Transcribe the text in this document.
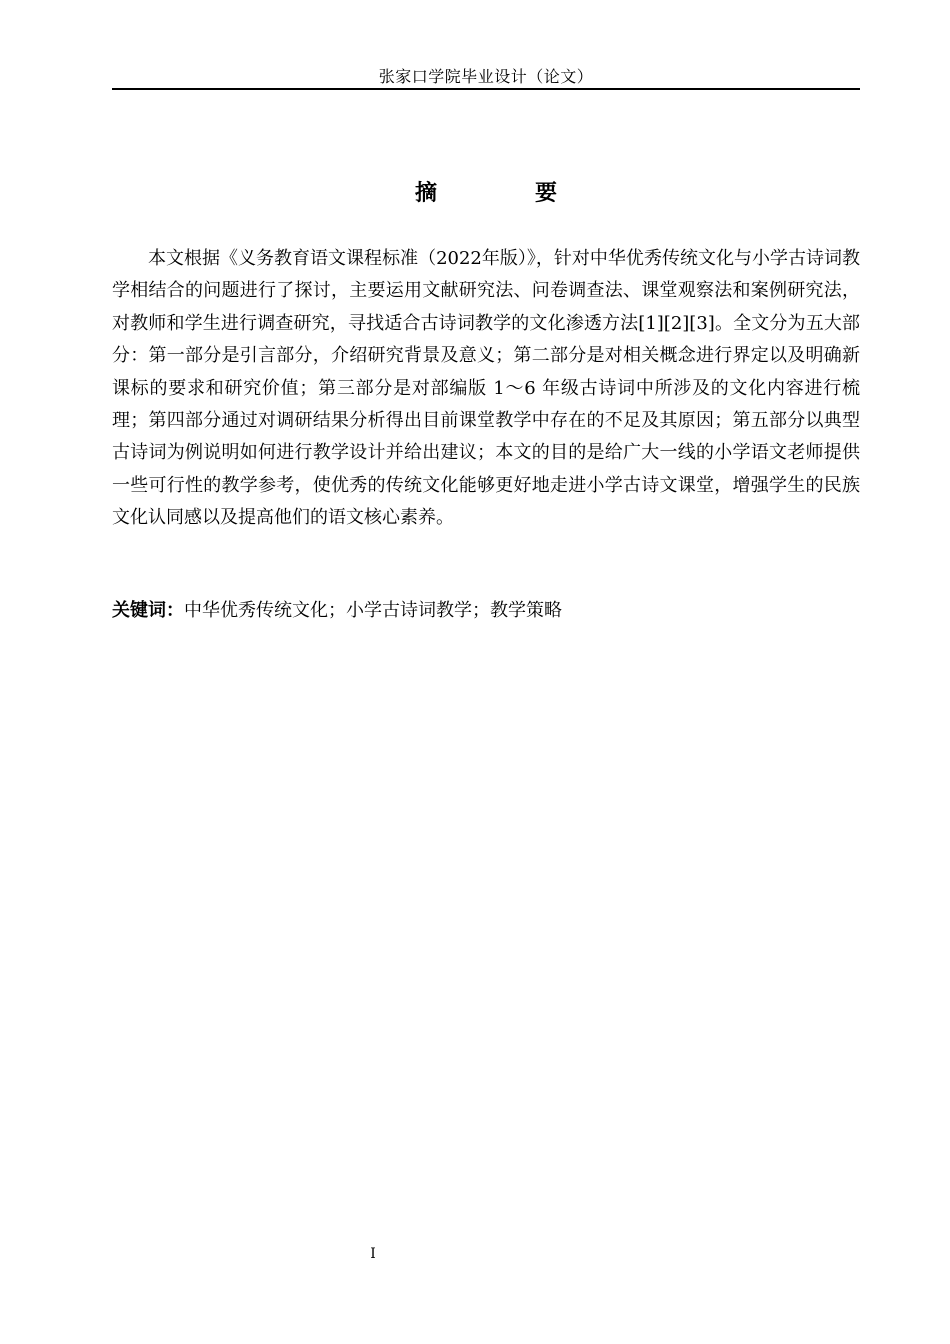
张家口学院毕业设计（论文）
摘　要

本文根据《义务教育语文课程标准（2022年版）》，针对中华优秀传统文化与小学古诗词教学相结合的问题进行了探讨，主要运用文献研究法、问卷调查法、课堂观察法和案例研究法，对教师和学生进行调查研究，寻找适合古诗词教学的文化渗透方法[1][2][3]。全文分为五大部分：第一部分是引言部分，介绍研究背景及意义；第二部分是对相关概念进行界定以及明确新课标的要求和研究价值；第三部分是对部编版 1～6 年级古诗词中所涉及的文化内容进行梳理；第四部分通过对调研结果分析得出目前课堂教学中存在的不足及其原因；第五部分以典型古诗词为例说明如何进行教学设计并给出建议；本文的目的是给广大一线的小学语文老师提供一些可行性的教学参考，使优秀的传统文化能够更好地走进小学古诗文课堂，增强学生的民族文化认同感以及提高他们的语文核心素养。

关键词：中华优秀传统文化；小学古诗词教学；教学策略
I
